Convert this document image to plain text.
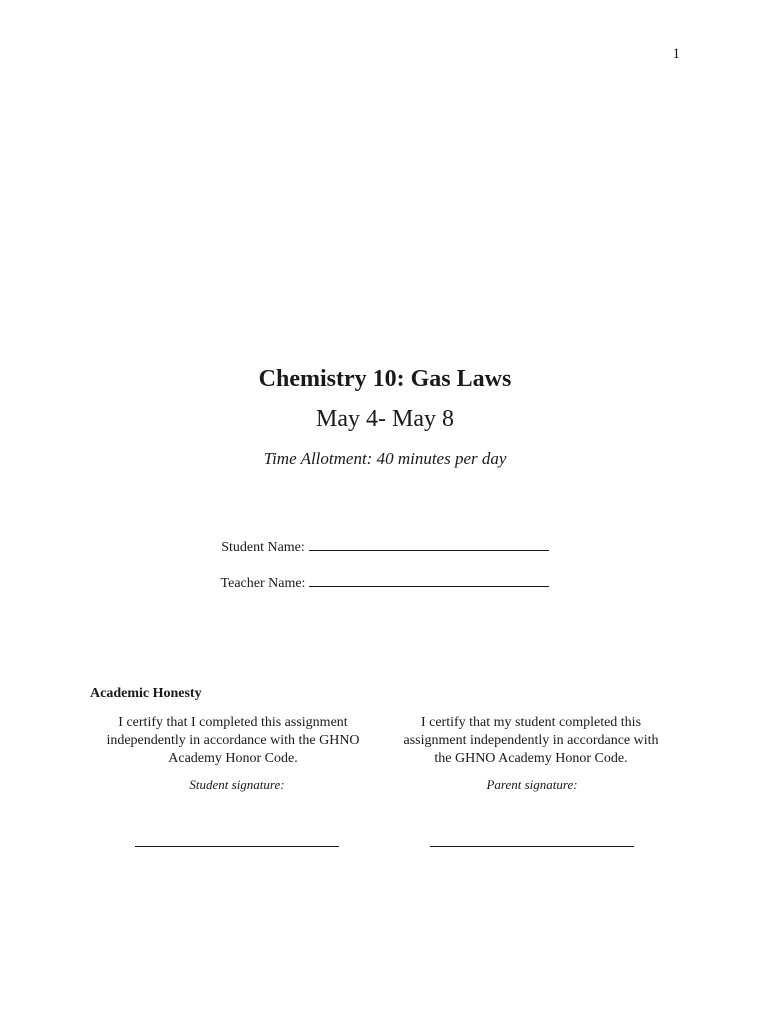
1
Chemistry 10: Gas Laws
May 4- May 8
Time Allotment: 40 minutes per day
Student Name:
Teacher Name:
Academic Honesty
I certify that I completed this assignment independently in accordance with the GHNO Academy Honor Code.
I certify that my student completed this assignment independently in accordance with the GHNO Academy Honor Code.
Student signature:	Parent signature:
